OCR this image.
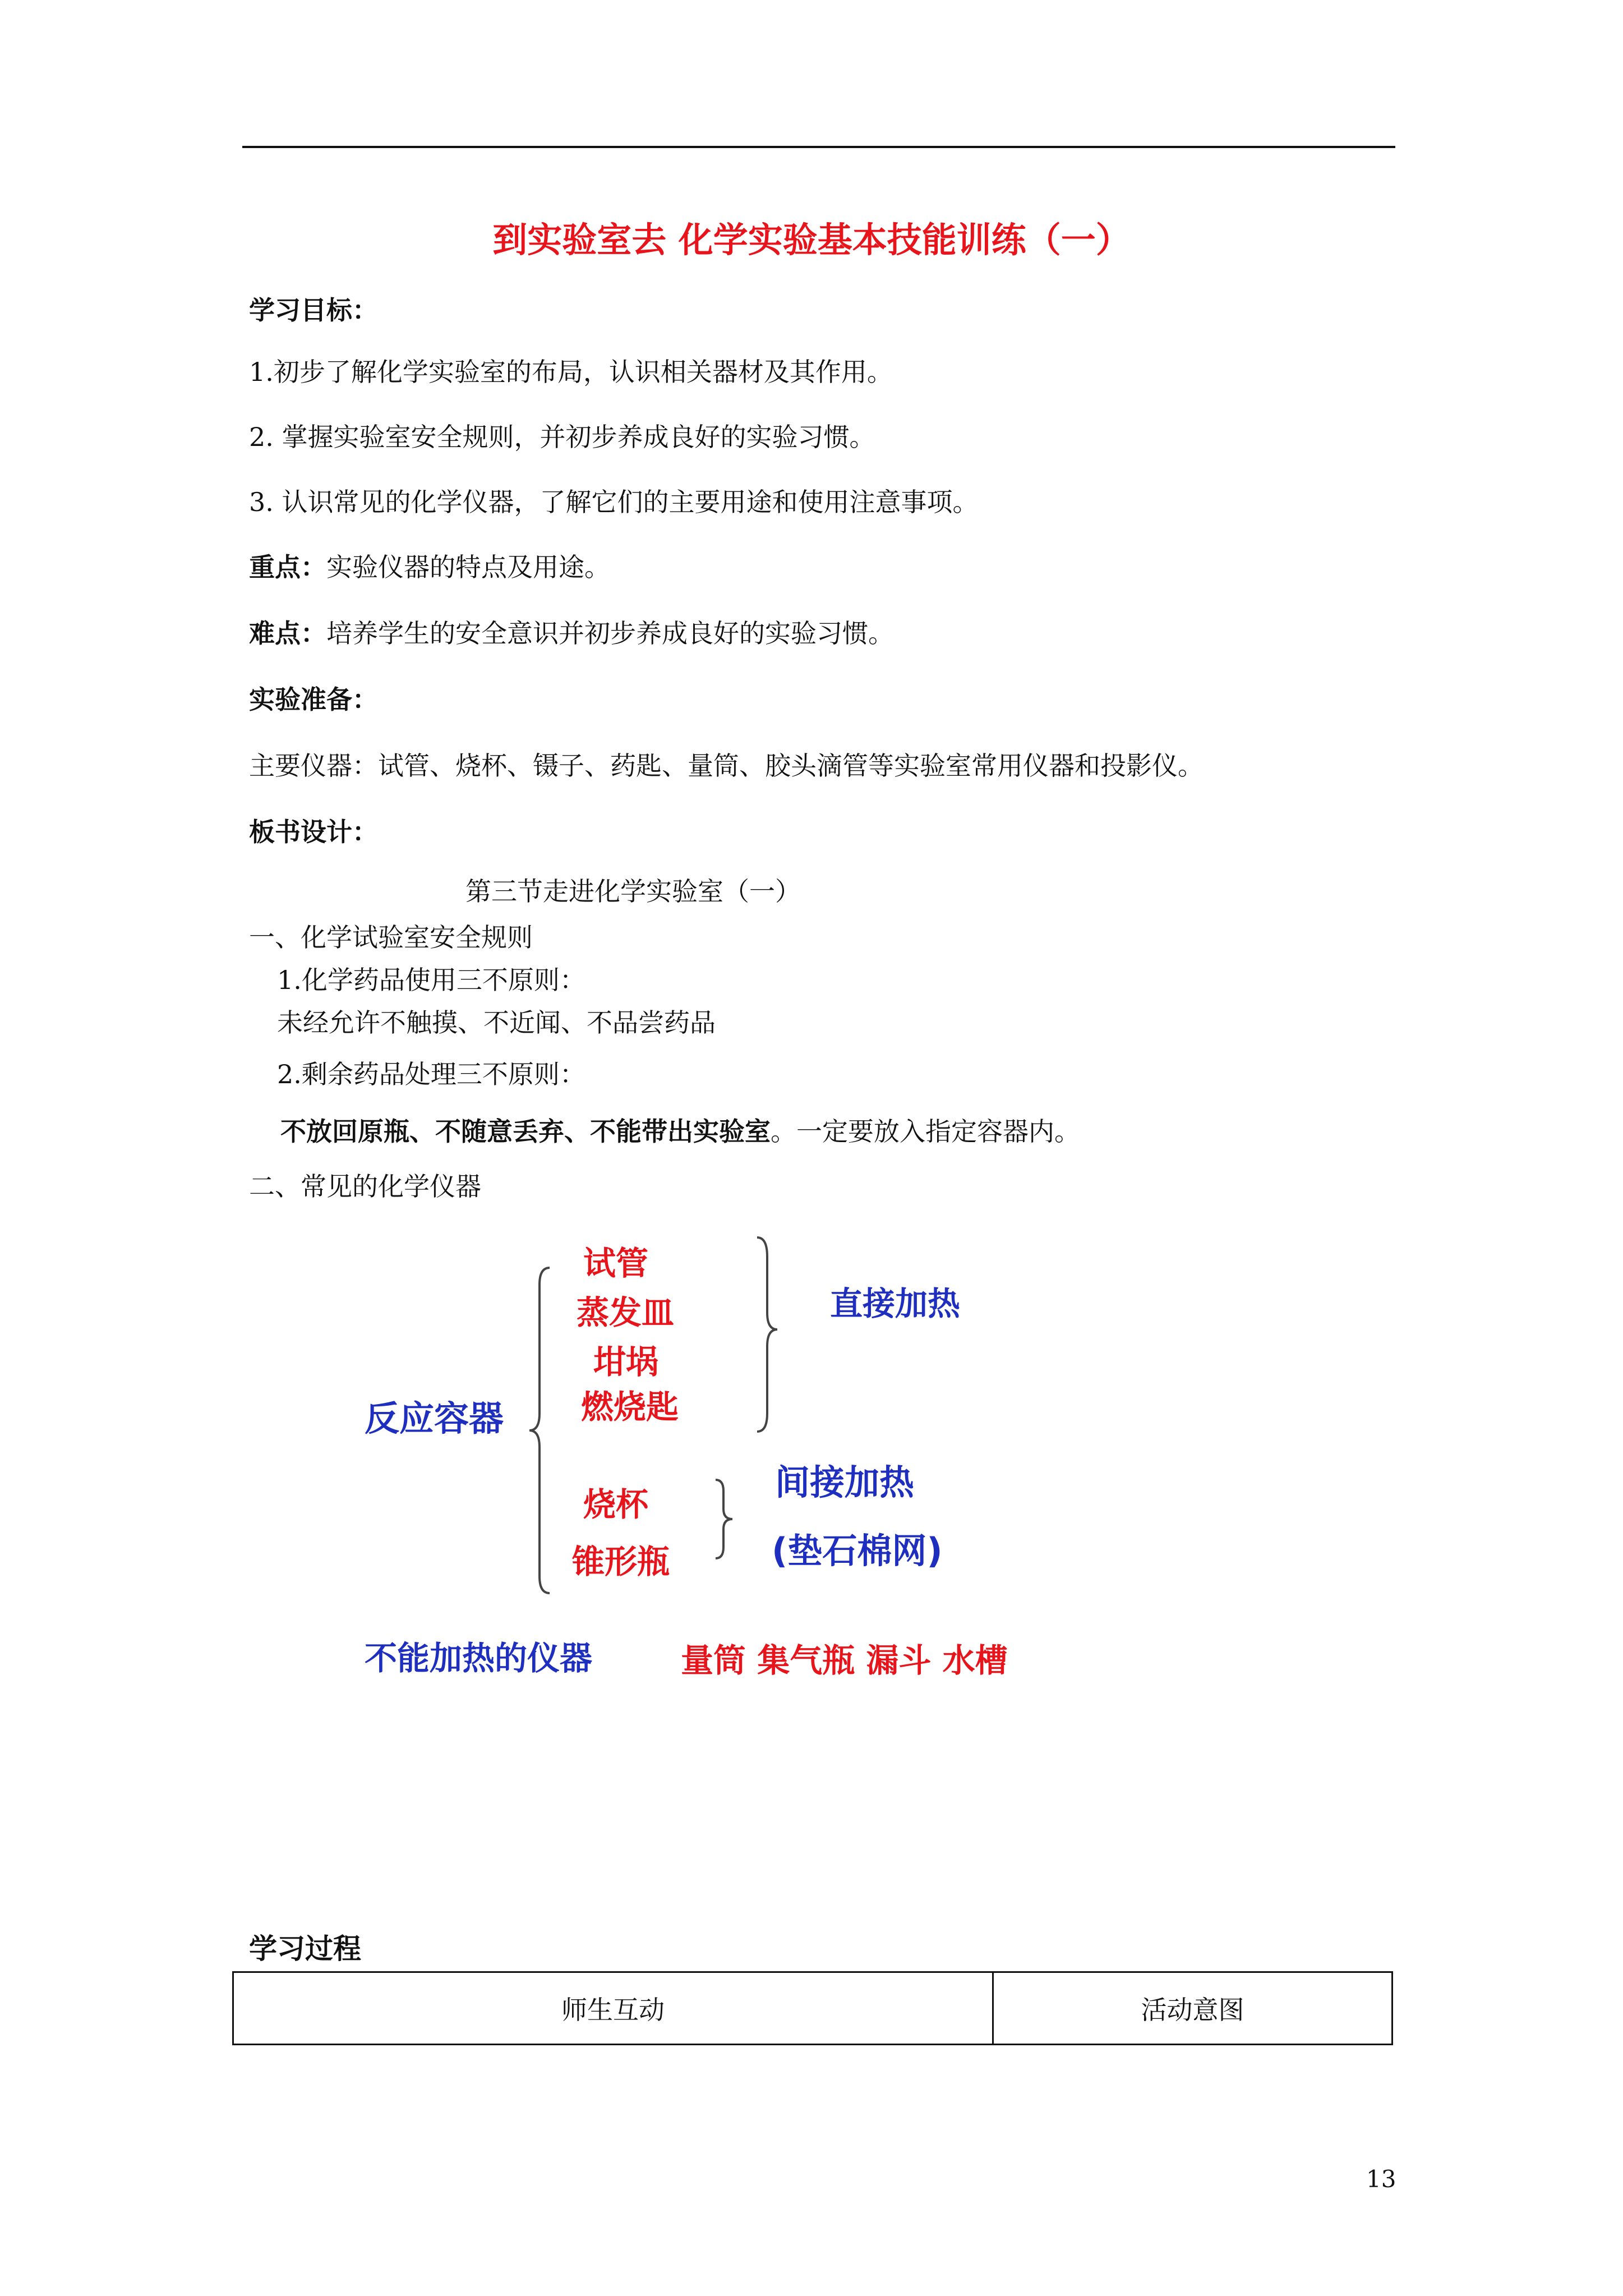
到实验室去 化学实验基本技能训练（一）
学习目标：
1.初步了解化学实验室的布局，认识相关器材及其作用。
2. 掌握实验室安全规则，并初步养成良好的实验习惯。
3. 认识常见的化学仪器，了解它们的主要用途和使用注意事项。
重点：实验仪器的特点及用途。
难点：培养学生的安全意识并初步养成良好的实验习惯。
实验准备：
主要仪器：试管、烧杯、镊子、药匙、量筒、胶头滴管等实验室常用仪器和投影仪。
板书设计：
第三节走进化学实验室（一）
一、化学试验室安全规则
1.化学药品使用三不原则：
未经允许不触摸、不近闻、不品尝药品
2.剩余药品处理三不原则：
不放回原瓶、不随意丢弃、不能带出实验室。一定要放入指定容器内。
二、常见的化学仪器
反应容器
试管
蒸发皿
坩埚
燃烧匙
直接加热
烧杯
锥形瓶
间接加热
(垫石棉网)
不能加热的仪器	量筒 集气瓶 漏斗 水槽
学习过程
师生互动	活动意图
13
